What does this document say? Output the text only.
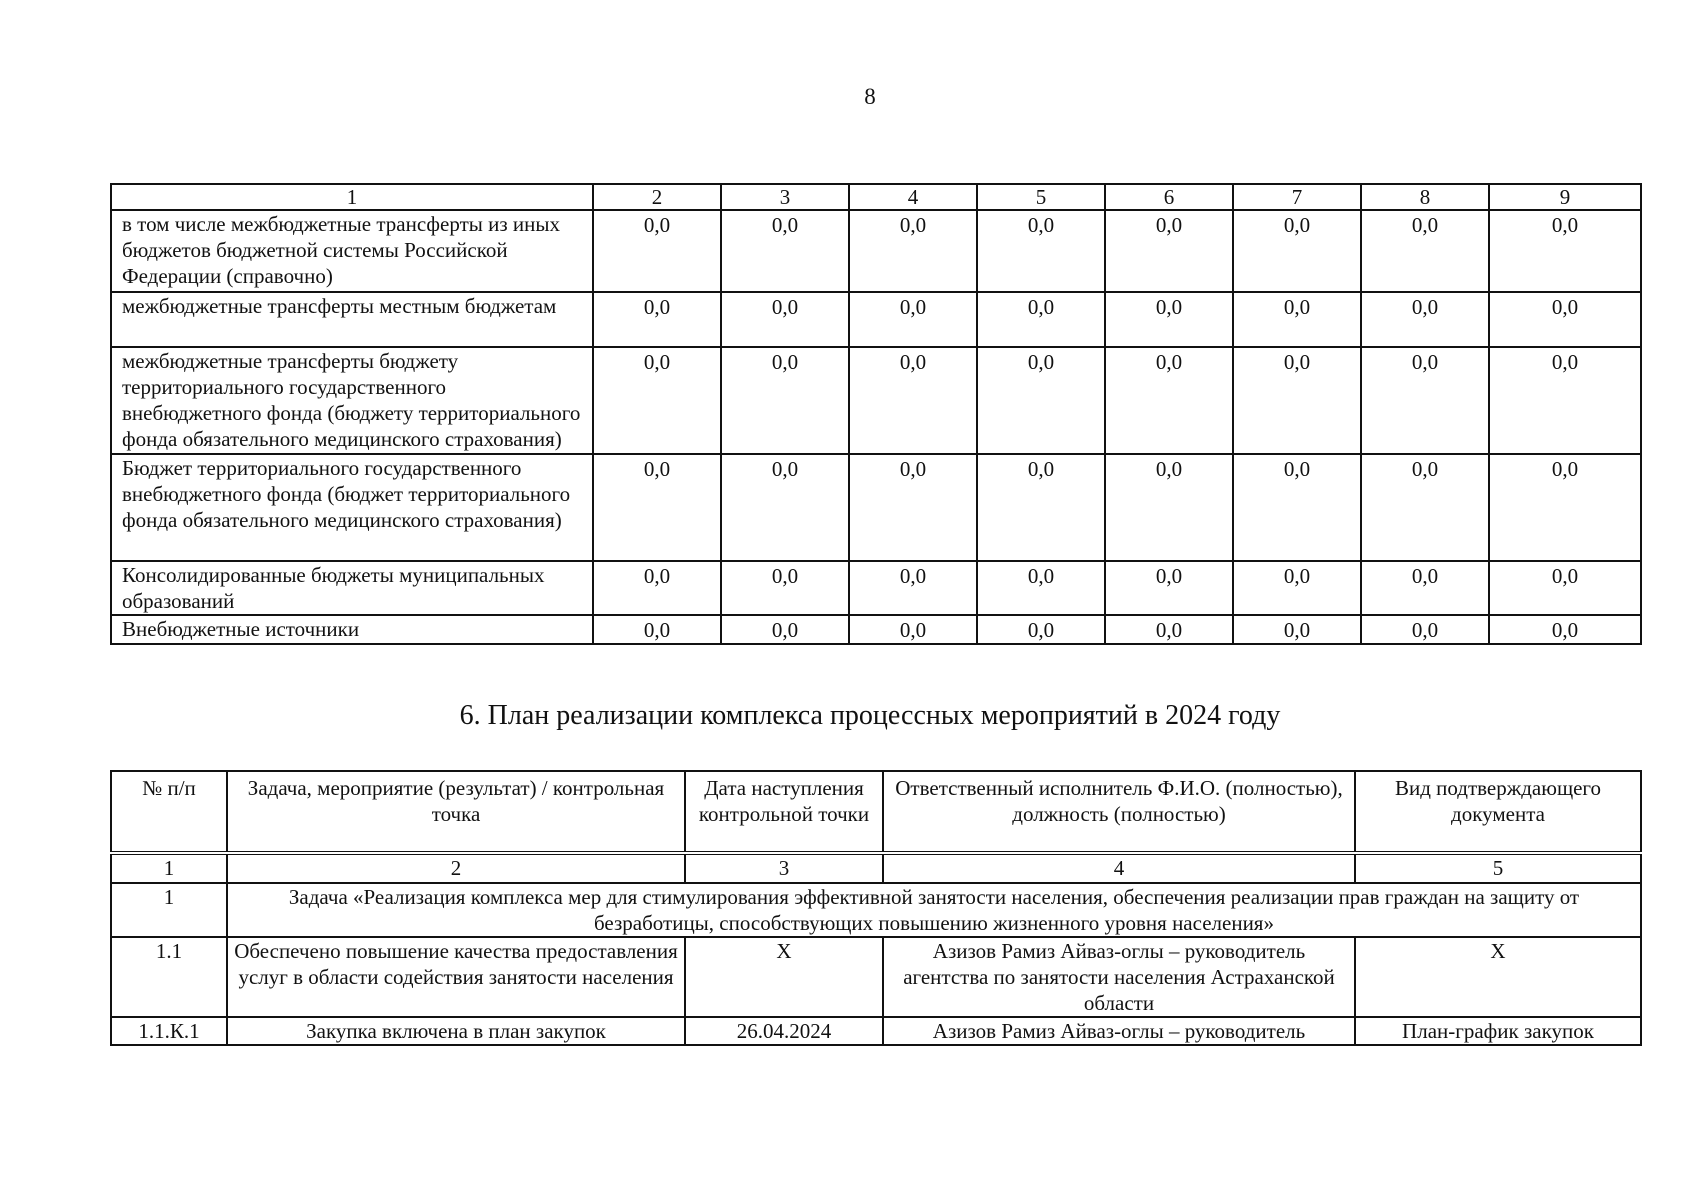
8
1	2	3	4	5	6	7	8	9
в том числе межбюджетные трансферты из иных бюджетов бюджетной системы Российской Федерации (справочно)	0,0	0,0	0,0	0,0	0,0	0,0	0,0	0,0
межбюджетные трансферты местным бюджетам	0,0	0,0	0,0	0,0	0,0	0,0	0,0	0,0
межбюджетные трансферты бюджету территориального государственного внебюджетного фонда (бюджету территориального фонда обязательного медицинского страхования)	0,0	0,0	0,0	0,0	0,0	0,0	0,0	0,0
Бюджет территориального государственного внебюджетного фонда (бюджет территориального фонда обязательного медицинского страхования)	0,0	0,0	0,0	0,0	0,0	0,0	0,0	0,0
Консолидированные бюджеты муниципальных образований	0,0	0,0	0,0	0,0	0,0	0,0	0,0	0,0
Внебюджетные источники	0,0	0,0	0,0	0,0	0,0	0,0	0,0	0,0
6. План реализации комплекса процессных мероприятий в 2024 году
№ п/п	Задача, мероприятие (результат) / контрольная точка	Дата наступления контрольной точки	Ответственный исполнитель Ф.И.О. (полностью), должность (полностью)	Вид подтверждающего документа
1	2	3	4	5
1	Задача «Реализация комплекса мер для стимулирования эффективной занятости населения, обеспечения реализации прав граждан на защиту от безработицы, способствующих повышению жизненного уровня населения»			
1.1	Обеспечено повышение качества предоставления услуг в области содействия занятости населения	X	Азизов Рамиз Айваз-оглы – руководитель агентства по занятости населения Астраханской области	X
1.1.К.1	Закупка включена в план закупок	26.04.2024	Азизов Рамиз Айваз-оглы – руководитель	План-график закупок
